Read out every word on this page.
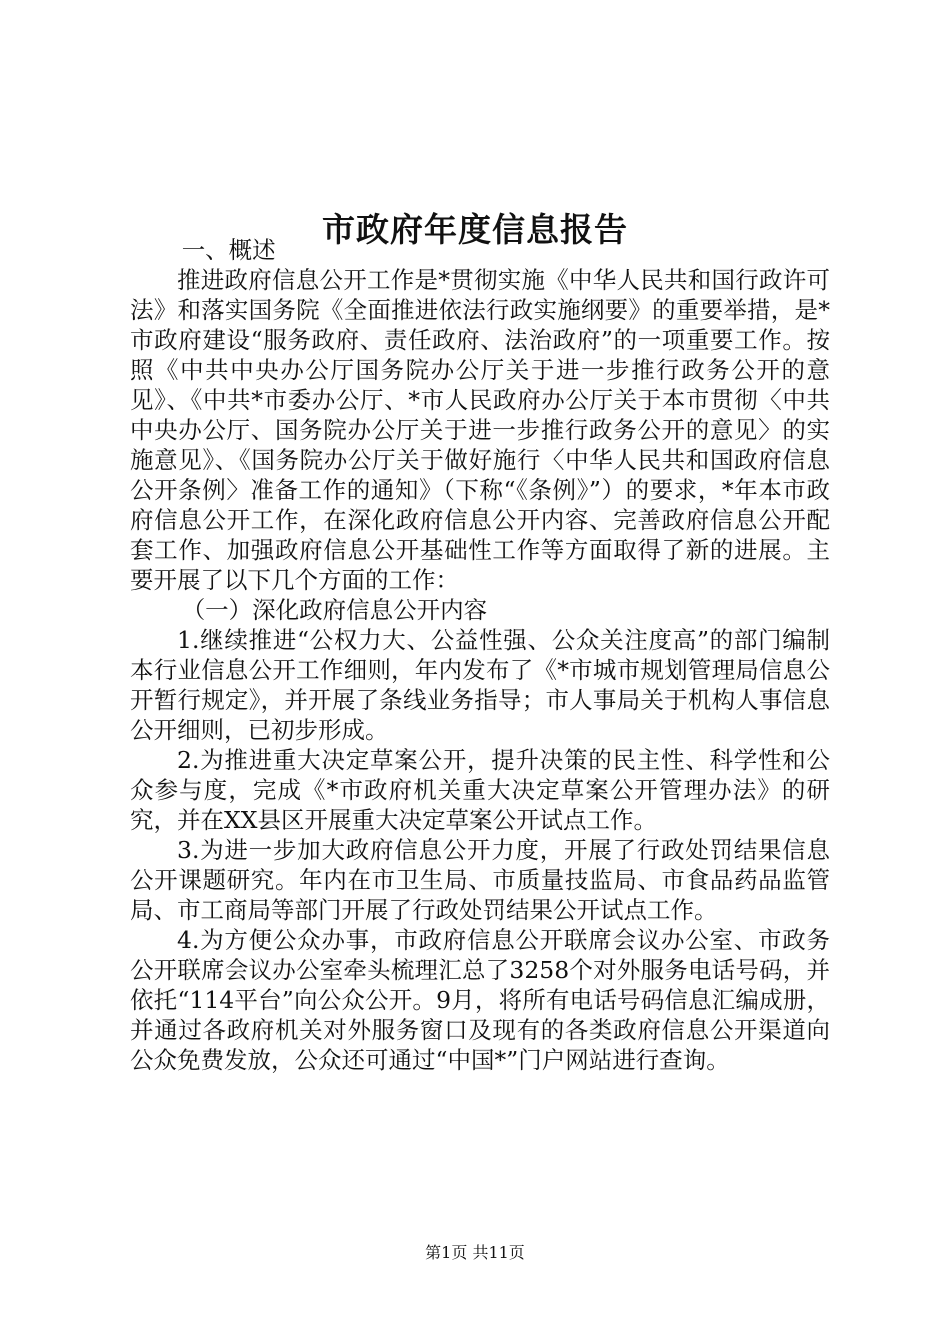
市政府年度信息报告

一、概述

推进政府信息公开工作是*贯彻实施《中华人民共和国行政许可法》和落实国务院《全面推进依法行政实施纲要》的重要举措，是*市政府建设“服务政府、责任政府、法治政府”的一项重要工作。按照《中共中央办公厅国务院办公厅关于进一步推行政务公开的意见》、《中共*市委办公厅、*市人民政府办公厅关于本市贯彻〈中共中央办公厅、国务院办公厅关于进一步推行政务公开的意见〉的实施意见》、《国务院办公厅关于做好施行〈中华人民共和国政府信息公开条例〉准备工作的通知》（下称“《条例》”）的要求，*年本市政府信息公开工作，在深化政府信息公开内容、完善政府信息公开配套工作、加强政府信息公开基础性工作等方面取得了新的进展。主要开展了以下几个方面的工作：

（一）深化政府信息公开内容

1.继续推进“公权力大、公益性强、公众关注度高”的部门编制本行业信息公开工作细则，年内发布了《*市城市规划管理局信息公开暂行规定》，并开展了条线业务指导；市人事局关于机构人事信息公开细则，已初步形成。

2.为推进重大决定草案公开，提升决策的民主性、科学性和公众参与度，完成《*市政府机关重大决定草案公开管理办法》的研究，并在XX县区开展重大决定草案公开试点工作。

3.为进一步加大政府信息公开力度，开展了行政处罚结果信息公开课题研究。年内在市卫生局、市质量技监局、市食品药品监管局、市工商局等部门开展了行政处罚结果公开试点工作。

4.为方便公众办事，市政府信息公开联席会议办公室、市政务公开联席会议办公室牵头梳理汇总了3258个对外服务电话号码，并依托“114平台”向公众公开。9月，将所有电话号码信息汇编成册，并通过各政府机关对外服务窗口及现有的各类政府信息公开渠道向公众免费发放，公众还可通过“中国*”门户网站进行查询。

第1页 共11页
